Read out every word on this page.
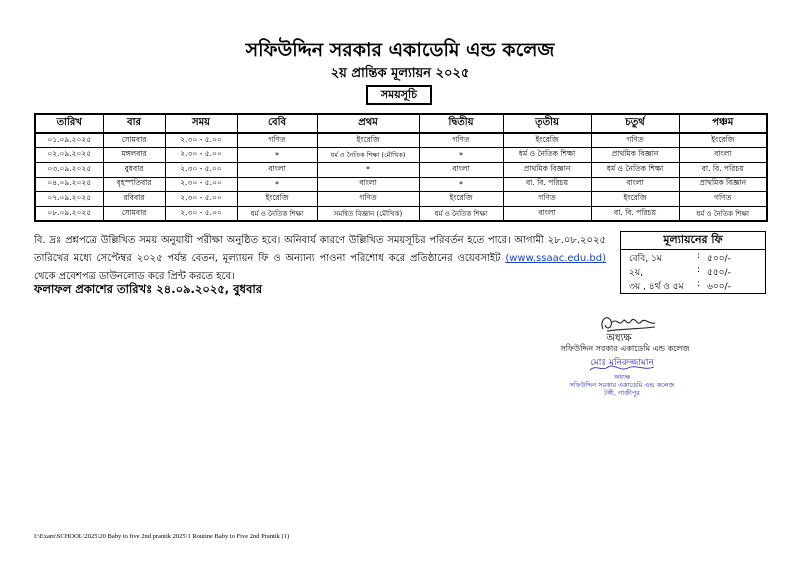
সফিউদ্দিন সরকার একাডেমি এন্ড কলেজ
২য় প্রান্তিক মূল্যায়ন ২০২৫
সময়সূচি
তারিখ	বার	সময়	বেবি	প্রথম	দ্বিতীয়	তৃতীয়	চতুর্থ	পঞ্চম
০১.০৯.২০২৫	সোমবার	২.৩০ - ৫.০০	গণিত	ইংরেজি	গণিত	ইংরেজি	গণিত	ইংরেজি
০২.০৯.২০২৫	মঙ্গলবার	২.৩০ - ৫.০০	*	ধর্ম ও নৈতিক শিক্ষা (মৌখিক)	*	ধর্ম ও নৈতিক শিক্ষা	প্রাথমিক বিজ্ঞান	বাংলা
০৩.০৯.২০২৫	বুধবার	২.৩০ - ৫.০০	বাংলা	*	বাংলা	প্রাথমিক বিজ্ঞান	ধর্ম ও নৈতিক শিক্ষা	বা. বি. পরিচয়
০৪.০৯.২০২৫	বৃহস্পতিবার	২.৩০ - ৫.০০	*	বাংলা	*	বা. বি. পরিচয়	বাংলা	প্রাথমিক বিজ্ঞান
০৭.০৯.২০২৫	রবিবার	২.৩০ - ৫.০০	ইংরেজি	গণিত	ইংরেজি	গণিত	ইংরেজি	গণিত
০৮.০৯.২০২৫	সোমবার	২.৩০ - ৫.০০	ধর্ম ও নৈতিক শিক্ষা	সমন্বিত বিজ্ঞান (মৌখিক)	ধর্ম ও নৈতিক শিক্ষা	বাংলা	বা. বি. পরিচয়	ধর্ম ও নৈতিক শিক্ষা
বি. দ্রঃ প্রশ্নপত্রে উল্লিখিত সময় অনুযায়ী পরীক্ষা অনুষ্ঠিত হবে। অনিবার্য কারণে উল্লিখিত সময়সূচির পরিবর্তন হতে পারে। আগামী ২৮.০৮.২০২৫ তারিখের মধ্যে সেপ্টেম্বর ২০২৫ পর্যন্ত বেতন, মূল্যায়ন ফি ও অন্যান্য পাওনা পরিশোধ করে প্রতিষ্ঠানের ওয়েবসাইট (www.ssaac.edu.bd) থেকে প্রবেশপত্র ডাউনলোড করে প্রিন্ট করতে হবে।
ফলাফল প্রকাশের তারিখঃ ২৪.০৯.২০২৫, বুধবার
মূল্যায়নের ফি
বেবি, ১ম	: ৫০০/-
২য়,	: ৫৫০/-
৩য় , ৪র্থ ও ৫ম : ৬০০/-
অধ্যক্ষ
সফিউদ্দিন সরকার একাডেমি এন্ড কলেজ
মোঃ মনিরুজ্জামান
অধ্যক্ষ
সফিউদ্দিন সরকার একাডেমি এন্ড কলেজ
টঙ্গী, গাজীপুর
I:\Exam\SCHOOL\2025\20 Baby to five 2nd prantik 2025\1 Routine Baby to Five 2nd Prantik (1)
